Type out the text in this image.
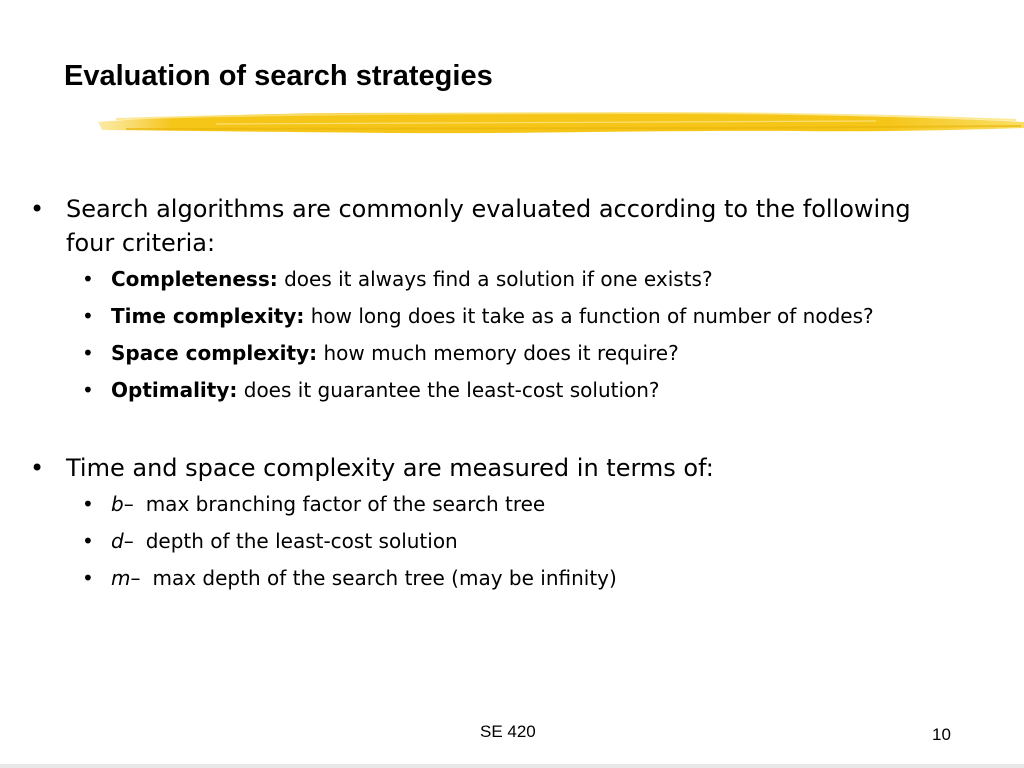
Evaluation of search strategies
• Search algorithms are commonly evaluated according to the following four criteria:
• Completeness: does it always find a solution if one exists?
• Time complexity: how long does it take as a function of number of nodes?
• Space complexity: how much memory does it require?
• Optimality: does it guarantee the least-cost solution?
• Time and space complexity are measured in terms of:
• b– max branching factor of the search tree
• d– depth of the least-cost solution
• m– max depth of the search tree (may be infinity)
SE 420	10
